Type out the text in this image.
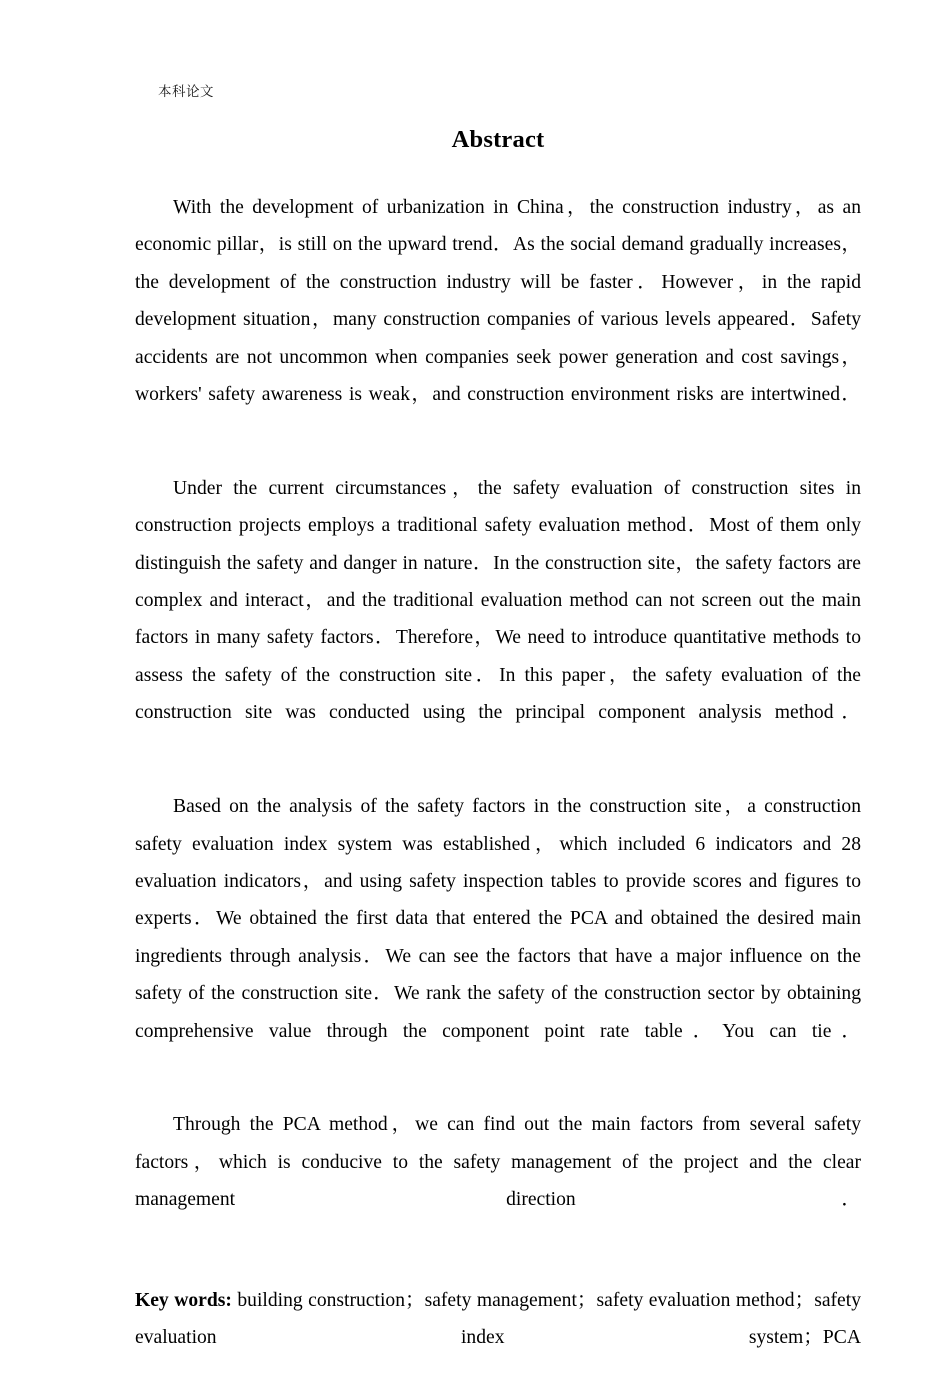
本科论文
Abstract

With the development of urbanization in China，the construction industry，as an economic pillar，is still on the upward trend．As the social demand gradually increases，the development of the construction industry will be faster．However，in the rapid development situation，many construction companies of various levels appeared．Safety accidents are not uncommon when companies seek power generation and cost savings，workers' safety awareness is weak，and construction environment risks are intertwined．

Under the current circumstances，the safety evaluation of construction sites in construction projects employs a traditional safety evaluation method．Most of them only distinguish the safety and danger in nature．In the construction site，the safety factors are complex and interact，and the traditional evaluation method can not screen out the main factors in many safety factors．Therefore，We need to introduce quantitative methods to assess the safety of the construction site．In this paper，the safety evaluation of the construction site was conducted using the principal component analysis method．

Based on the analysis of the safety factors in the construction site，a construction safety evaluation index system was established，which included 6 indicators and 28 evaluation indicators，and using safety inspection tables to provide scores and figures to experts．We obtained the first data that entered the PCA and obtained the desired main ingredients through analysis．We can see the factors that have a major influence on the safety of the construction site．We rank the safety of the construction sector by obtaining comprehensive value through the component point rate table．You can tie．

Through the PCA method，we can find out the main factors from several safety factors，which is conducive to the safety management of the project and the clear management direction．

Key words: building construction；safety management；safety evaluation method；safety evaluation index system；PCA
